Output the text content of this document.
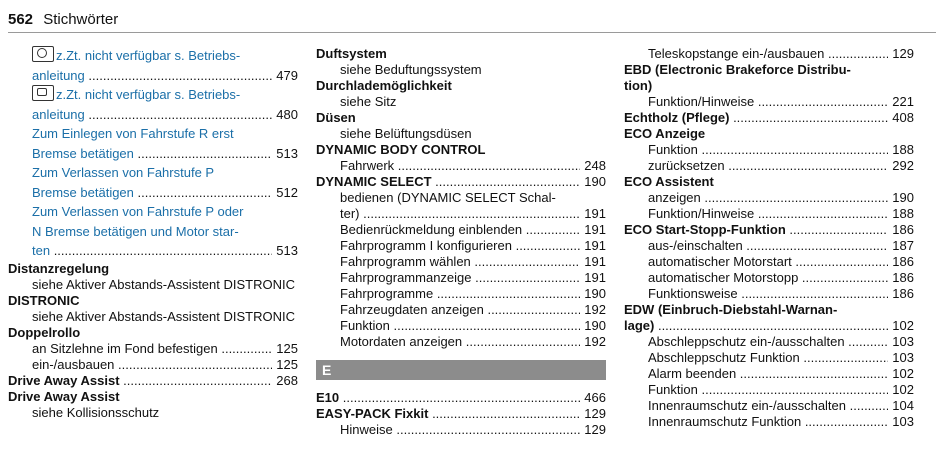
562 Stichwörter
z.Zt. nicht verfügbar s. Betriebs-
anleitung .....	479
z.Zt. nicht verfügbar s. Betriebs-
anleitung .....	480
Zum Einlegen von Fahrstufe R erst
Bremse betätigen .....	513
Zum Verlassen von Fahrstufe P
Bremse betätigen .....	512
Zum Verlassen von Fahrstufe P oder
N Bremse betätigen und Motor star-
ten .....	513
Distanzregelung
siehe Aktiver Abstands-Assistent DISTRONIC
DISTRONIC
siehe Aktiver Abstands-Assistent DISTRONIC
Doppelrollo
an Sitzlehne im Fond befestigen .....	125
ein-/ausbauen .....	125
Drive Away Assist .....	268
Drive Away Assist
siehe Kollisionsschutz
Duftsystem
siehe Beduftungssystem
Durchlademöglichkeit
siehe Sitz
Düsen
siehe Belüftungsdüsen
DYNAMIC BODY CONTROL
Fahrwerk .....	248
DYNAMIC SELECT .....	190
bedienen (DYNAMIC SELECT Schal-
ter) .....	191
Bedienrückmeldung einblenden .....	191
Fahrprogramm I konfigurieren .....	191
Fahrprogramm wählen .....	191
Fahrprogrammanzeige .....	191
Fahrprogramme .....	190
Fahrzeugdaten anzeigen .....	192
Funktion .....	190
Motordaten anzeigen .....	192
E
E10 .....	466
EASY-PACK Fixkit .....	129
Hinweise .....	129
Teleskopstange ein-/ausbauen .....	129
EBD (Electronic Brakeforce Distribu-
tion)
Funktion/Hinweise .....	221
Echtholz (Pflege) .....	408
ECO Anzeige
Funktion .....	188
zurücksetzen .....	292
ECO Assistent
anzeigen .....	190
Funktion/Hinweise .....	188
ECO Start-Stopp-Funktion .....	186
aus-/einschalten .....	187
automatischer Motorstart .....	186
automatischer Motorstopp .....	186
Funktionsweise .....	186
EDW (Einbruch-Diebstahl-Warnan-
lage) .....	102
Abschleppschutz ein-/ausschalten .....	103
Abschleppschutz Funktion .....	103
Alarm beenden .....	102
Funktion .....	102
Innenraumschutz ein-/ausschalten .....	104
Innenraumschutz Funktion .....	103
